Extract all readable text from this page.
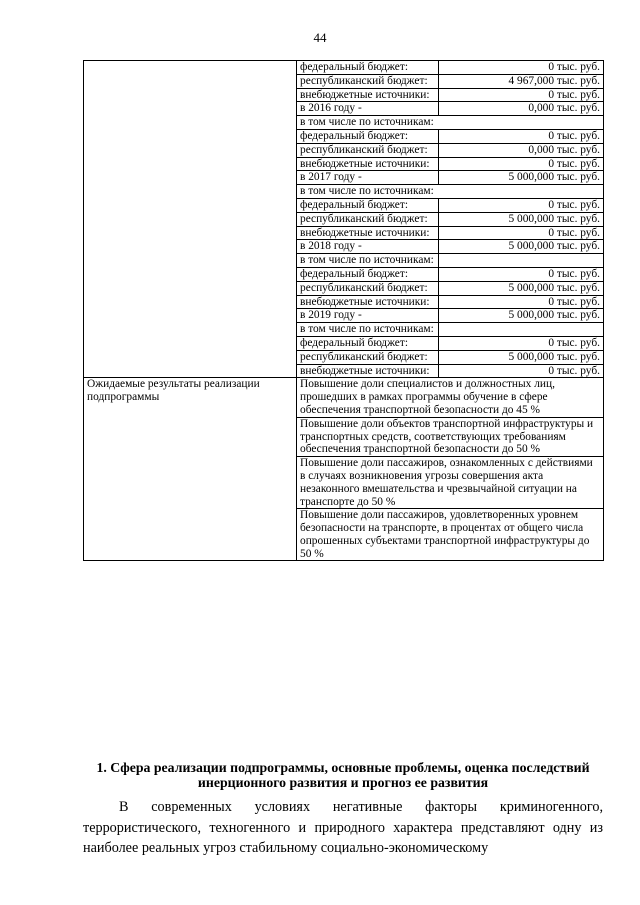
44
	федеральный бюджет:	0 тыс. руб.
	республиканский бюджет:	4 967,000 тыс. руб.
	внебюджетные источники:	0 тыс. руб.
	в 2016 году -	0,000 тыс. руб.
	в том числе по источникам:	
	федеральный бюджет:	0 тыс. руб.
	республиканский бюджет:	0,000 тыс. руб.
	внебюджетные источники:	0 тыс. руб.
	в 2017 году -	5 000,000 тыс. руб.
	в том числе по источникам:	
	федеральный бюджет:	0 тыс. руб.
	республиканский бюджет:	5 000,000 тыс. руб.
	внебюджетные источники:	0 тыс. руб.
	в 2018 году -	5 000,000 тыс. руб.
	в том числе по источникам:	
	федеральный бюджет:	0 тыс. руб.
	республиканский бюджет:	5 000,000 тыс. руб.
	внебюджетные источники:	0 тыс. руб.
	в 2019 году -	5 000,000 тыс. руб.
	в том числе по источникам:	
	федеральный бюджет:	0 тыс. руб.
	республиканский бюджет:	5 000,000 тыс. руб.
	внебюджетные источники:	0 тыс. руб.
Ожидаемые результаты реализации подпрограммы	Повышение доли специалистов и должностных лиц, прошедших в рамках программы обучение в сфере обеспечения транспортной безопасности до 45 %	
	Повышение доли объектов транспортной инфраструктуры и транспортных средств, соответствующих требованиям обеспечения транспортной безопасности до 50 %	
	Повышение доли пассажиров, ознакомленных с действиями в случаях возникновения угрозы совершения акта незаконного вмешательства и чрезвычайной ситуации на транспорте до 50 %	
	Повышение доли пассажиров, удовлетворенных уровнем безопасности на транспорте, в процентах от общего числа опрошенных субъектами транспортной инфраструктуры до 50 %	
1. Сфера реализации подпрограммы, основные проблемы, оценка последствий инерционного развития и прогноз ее развития

В современных условиях негативные факторы криминогенного, террористического, техногенного и природного характера представляют одну из наиболее реальных угроз стабильному социально-экономическому
